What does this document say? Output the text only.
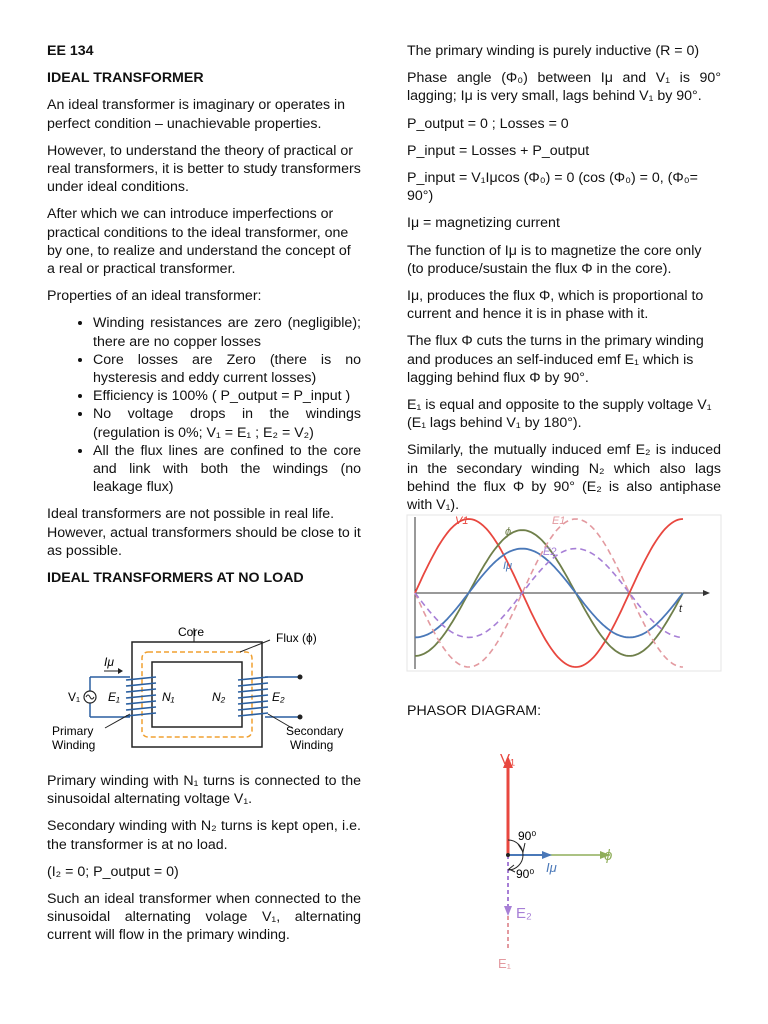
EE 134

IDEAL TRANSFORMER

An ideal transformer is imaginary or operates in perfect condition – unachievable properties.

However, to understand the theory of practical or real transformers, it is better to study transformers under ideal conditions.

After which we can introduce imperfections or practical conditions to the ideal transformer, one by one, to realize and understand the concept of a real or practical transformer.

Properties of an ideal transformer:

• Winding resistances are zero (negligible); there are no copper losses
• Core losses are Zero (there is no hysteresis and eddy current losses)
• Efficiency is 100% ( P_output = P_input )
• No voltage drops in the windings (regulation is 0%; V₁ = E₁ ; E₂ = V₂)
• All the flux lines are confined to the core and link with both the windings (no leakage flux)

Ideal transformers are not possible in real life. However, actual transformers should be close to it as possible.

IDEAL TRANSFORMERS AT NO LOAD

Core	Flux (ϕ)
Iμ
V₁ E₁	N₁	N₂	E₂
Primary
Winding
Secondary
Winding

Primary winding with N₁ turns is connected to the sinusoidal alternating voltage V₁.

Secondary winding with N₂ turns is kept open, i.e. the transformer is at no load.

(I₂ = 0; P_output = 0)

Such an ideal transformer when connected to the sinusoidal alternating volage V₁, alternating current will flow in the primary winding.

The primary winding is purely inductive (R = 0)

Phase angle (Φ₀) between Iμ and V₁ is 90° lagging; Iμ is very small, lags behind V₁ by 90°.

P_output = 0 ; Losses = 0

P_input = Losses + P_output

P_input = V₁Iμcos (Φ₀) = 0 (cos (Φ₀) = 0, (Φ₀= 90°)

Iμ = magnetizing current

The function of Iμ is to magnetize the core only (to produce/sustain the flux Φ in the core).

Iμ, produces the flux Φ, which is proportional to current and hence it is in phase with it.

The flux Φ cuts the turns in the primary winding and produces an self-induced emf E₁ which is lagging behind flux Φ by 90°.

E₁ is equal and opposite to the supply voltage V₁ (E₁ lags behind V₁ by 180°).

Similarly, the mutually induced emf E₂ is induced in the secondary winding N₂ which also lags behind the flux Φ by 90° (E₂ is also antiphase with V₁).

V1
ϕ
E1
E2
Iμ
t

PHASOR DIAGRAM:

V₁
ϕ
Iμ
E₂
E₁
90⁰
90⁰
